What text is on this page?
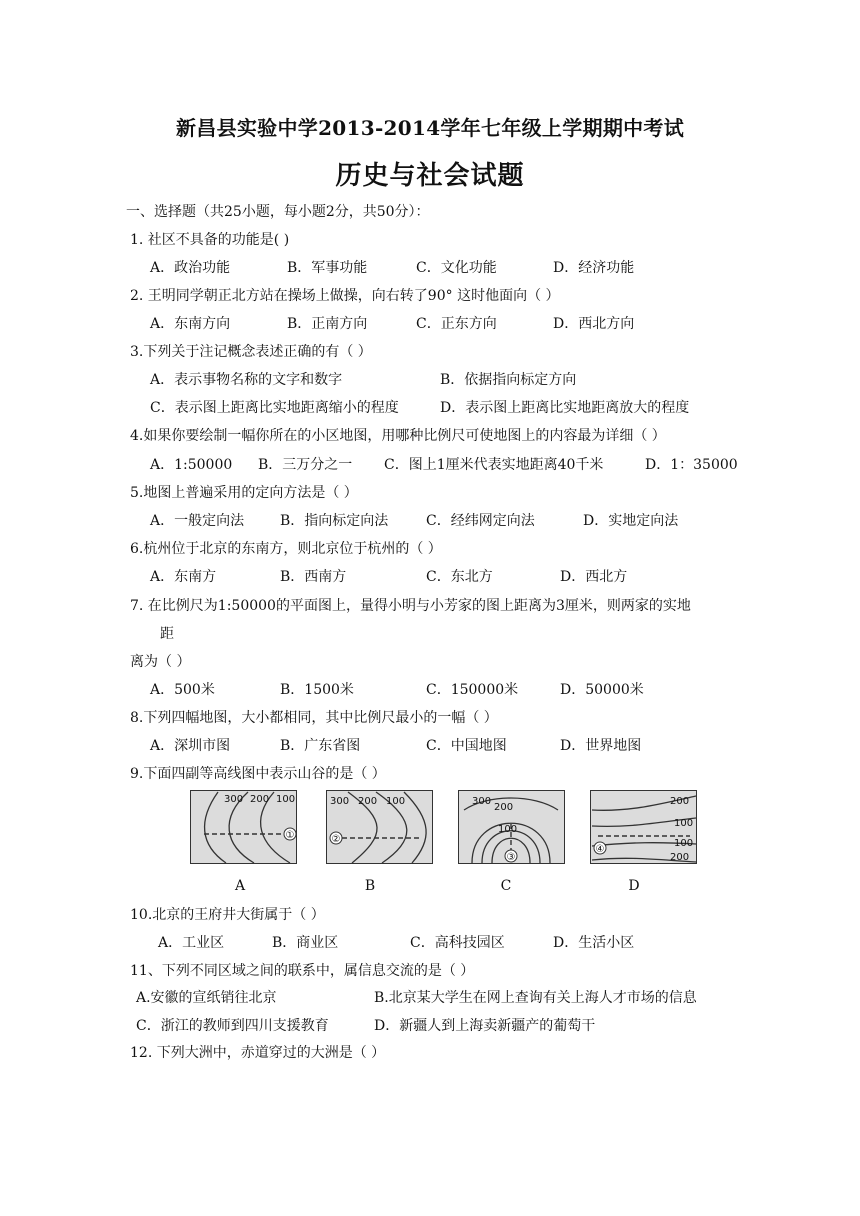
新昌县实验中学2013-2014学年七年级上学期期中考试
历史与社会试题
一、选择题（共25小题，每小题2分，共50分）：
1. 社区不具备的功能是( )
A．政治功能	B．军事功能	C．文化功能	D．经济功能
2. 王明同学朝正北方站在操场上做操，向右转了90° 这时他面向（ ）
A．东南方向	B．正南方向	C．正东方向	D．西北方向
3.下列关于注记概念表述正确的有（ ）
A．表示事物名称的文字和数字	B．依据指向标定方向
C．表示图上距离比实地距离缩小的程度	D．表示图上距离比实地距离放大的程度
4.如果你要绘制一幅你所在的小区地图，用哪种比例尺可使地图上的内容最为详细（ ）
A．1:50000 B．三万分之一 C．图上1厘米代表实地距离40千米	D．1：35000
5.地图上普遍采用的定向方法是（ ）
A．一般定向法	B．指向标定向法	C．经纬网定向法	D．实地定向法
6.杭州位于北京的东南方，则北京位于杭州的（ ）
A．东南方	B．西南方	C．东北方	D．西北方
7. 在比例尺为1:50000的平面图上，量得小明与小芳家的图上距离为3厘米，则两家的实地
距
离为（ ）
A．500米	B．1500米	C．150000米	D．50000米
8.下列四幅地图，大小都相同，其中比例尺最小的一幅（ ）
A．深圳市图	B．广东省图	C．中国地图	D．世界地图
9.下面四副等高线图中表示山谷的是（ ）
①
300 200 100
②
300 200 100
③
300
200
100
④
200
100
100
200
A	B	C	D
10.北京的王府井大街属于（ ）
A．工业区	B．商业区	C．高科技园区	D．生活小区
11、下列不同区域之间的联系中，属信息交流的是（ ）
A.安徽的宣纸销往北京	B.北京某大学生在网上查询有关上海人才市场的信息
C．浙江的教师到四川支援教育	D．新疆人到上海卖新疆产的葡萄干
12. 下列大洲中，赤道穿过的大洲是（ ）
